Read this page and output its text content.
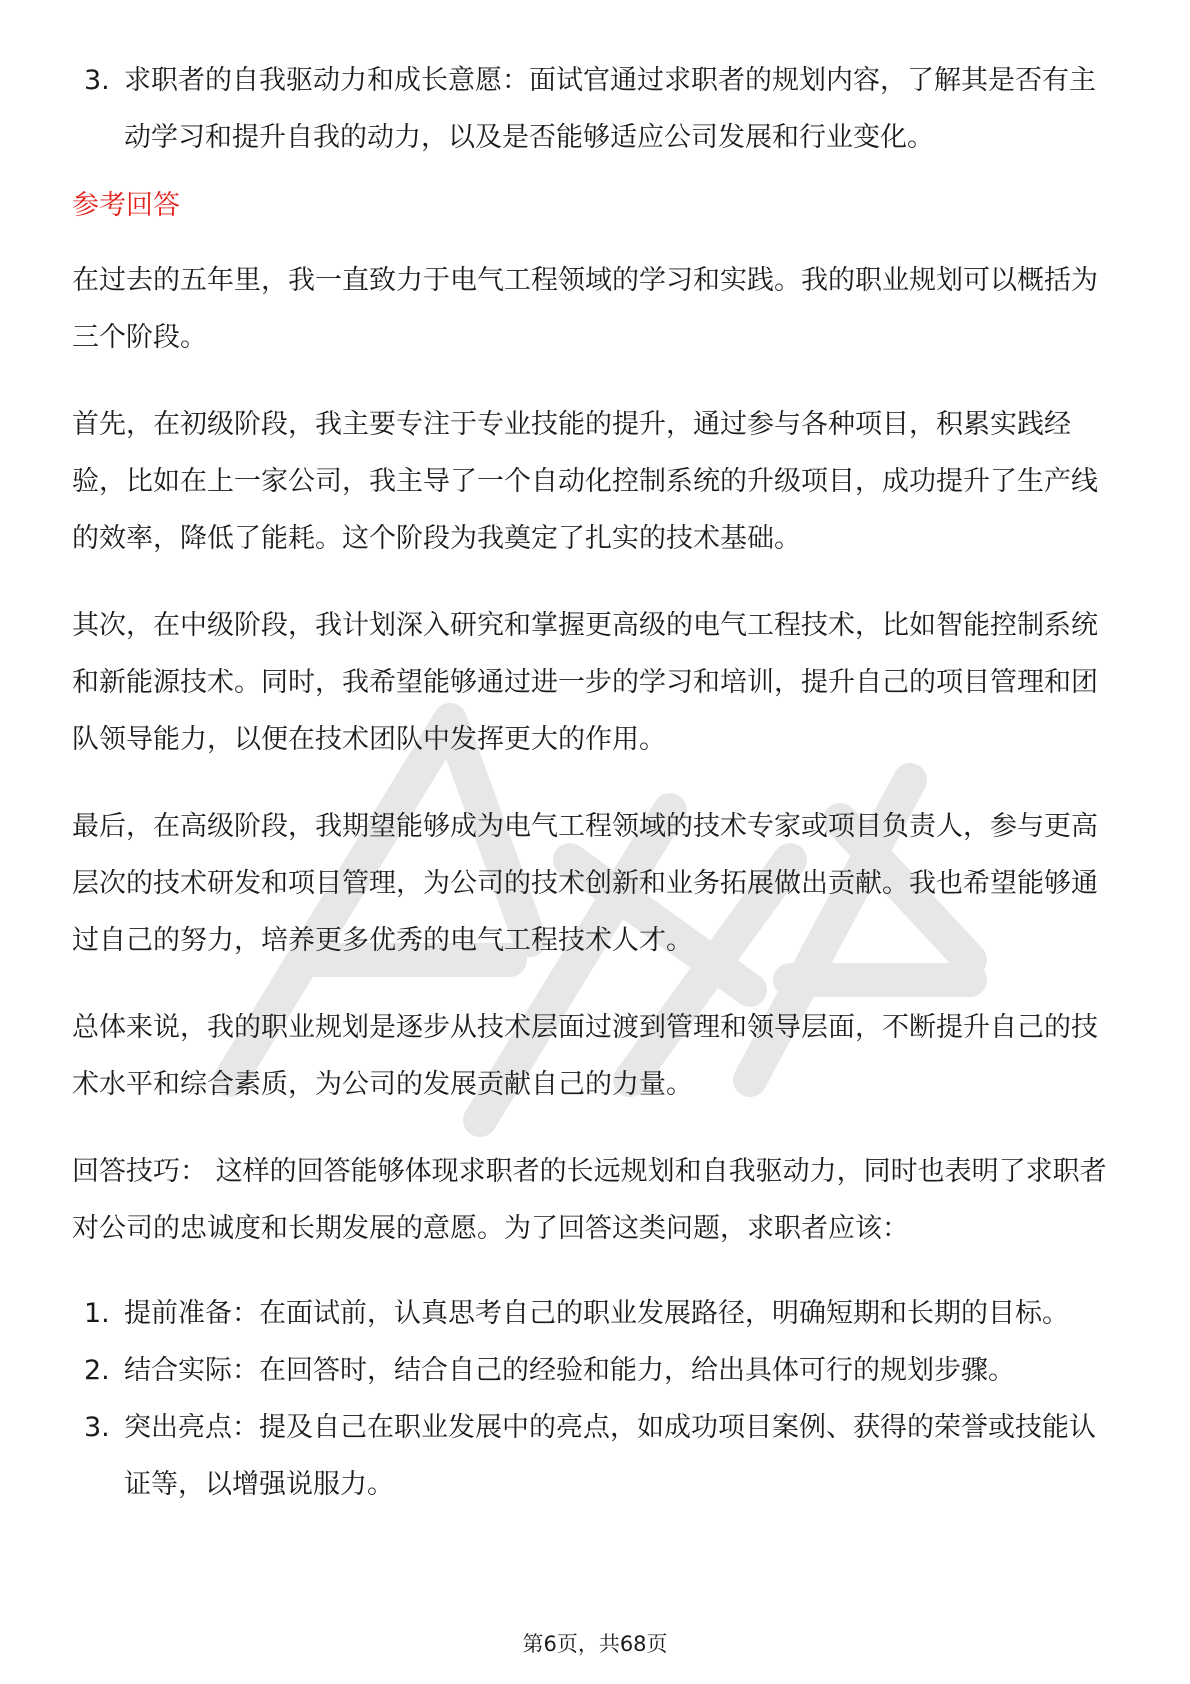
3. 求职者的自我驱动力和成长意愿：面试官通过求职者的规划内容，了解其是否有主动学习和提升自我的动力，以及是否能够适应公司发展和行业变化。
参考回答

在过去的五年里，我一直致力于电气工程领域的学习和实践。我的职业规划可以概括为三个阶段。

首先，在初级阶段，我主要专注于专业技能的提升，通过参与各种项目，积累实践经验，比如在上一家公司，我主导了一个自动化控制系统的升级项目，成功提升了生产线的效率，降低了能耗。这个阶段为我奠定了扎实的技术基础。

其次，在中级阶段，我计划深入研究和掌握更高级的电气工程技术，比如智能控制系统和新能源技术。同时，我希望能够通过进一步的学习和培训，提升自己的项目管理和团队领导能力，以便在技术团队中发挥更大的作用。

最后，在高级阶段，我期望能够成为电气工程领域的技术专家或项目负责人，参与更高层次的技术研发和项目管理，为公司的技术创新和业务拓展做出贡献。我也希望能够通过自己的努力，培养更多优秀的电气工程技术人才。

总体来说，我的职业规划是逐步从技术层面过渡到管理和领导层面，不断提升自己的技术水平和综合素质，为公司的发展贡献自己的力量。

回答技巧： 这样的回答能够体现求职者的长远规划和自我驱动力，同时也表明了求职者对公司的忠诚度和长期发展的意愿。为了回答这类问题，求职者应该：

1. 提前准备：在面试前，认真思考自己的职业发展路径，明确短期和长期的目标。
2. 结合实际：在回答时，结合自己的经验和能力，给出具体可行的规划步骤。
3. 突出亮点：提及自己在职业发展中的亮点，如成功项目案例、获得的荣誉或技能认证等，以增强说服力。
第6页，共68页
